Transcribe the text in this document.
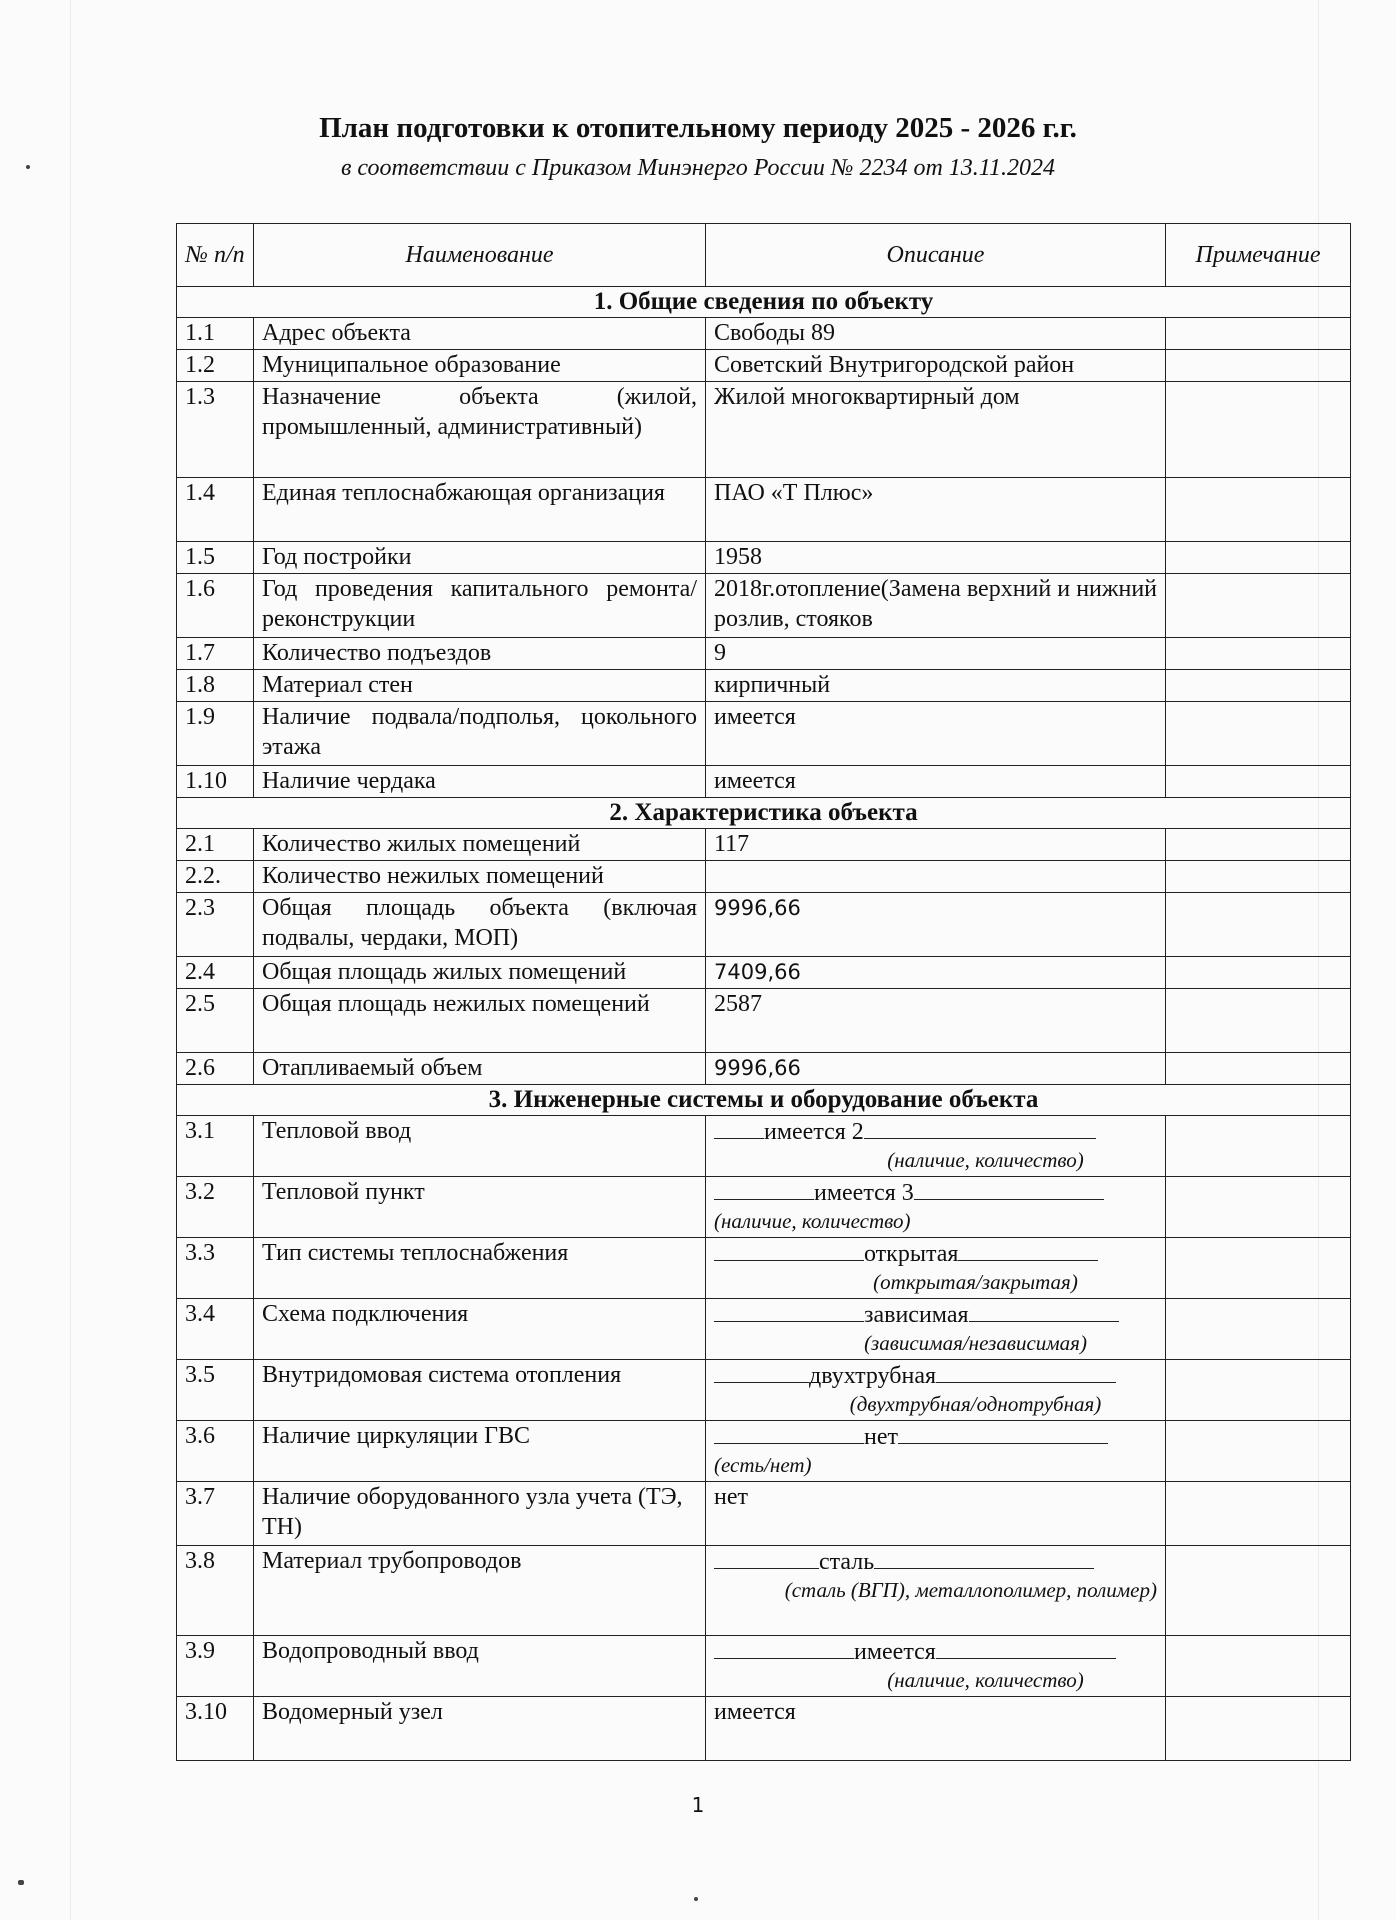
План подготовки к отопительному периоду 2025 - 2026 г.г.
в соответствии с Приказом Минэнерго России № 2234 от 13.11.2024
№ п/п	Наименование	Описание	Примечание
1. Общие сведения по объекту			
1.1	Адрес объекта	Свободы 89	
1.2	Муниципальное образование	Советский Внутригородской район	
1.3	Назначение объекта (жилой, промышленный, административный)	Жилой многоквартирный дом	
1.4	Единая теплоснабжающая организация	ПАО «Т Плюс»	
1.5	Год постройки	1958	
1.6	Год проведения капитального ремонта/реконструкции	2018г.отопление(Замена верхний и нижний розлив, стояков	
1.7	Количество подъездов	9	
1.8	Материал стен	кирпичный	
1.9	Наличие подвала/подполья, цокольного этажа	имеется	
1.10	Наличие чердака	имеется	
2. Характеристика объекта			
2.1	Количество жилых помещений	117	
2.2.	Количество нежилых помещений		
2.3	Общая площадь объекта (включая подвалы, чердаки, МОП)	9996,66	
2.4	Общая площадь жилых помещений	7409,66	
2.5	Общая площадь нежилых помещений	2587	
2.6	Отапливаемый объем	9996,66	
3. Инженерные системы и оборудование объекта			
3.1	Тепловой ввод	имеется 2
(наличие, количество)	

3.2	Тепловой пункт	имеется 3
(наличие, количество)	

3.3	Тип системы теплоснабжения	открытая
(открытая/закрытая)	

3.4	Схема подключения	зависимая
(зависимая/независимая)	

3.5	Внутридомовая система отопления	двухтрубная
(двухтрубная/однотрубная)	

3.6	Наличие циркуляции ГВС	нет
(есть/нет)	

3.7	Наличие оборудованного узла учета (ТЭ, ТН)	нет	
3.8	Материал трубопроводов	сталь
(сталь (ВГП), металлополимер, полимер)	

3.9	Водопроводный ввод	имеется
(наличие, количество)	

3.10	Водомерный узел	имеется	
1
